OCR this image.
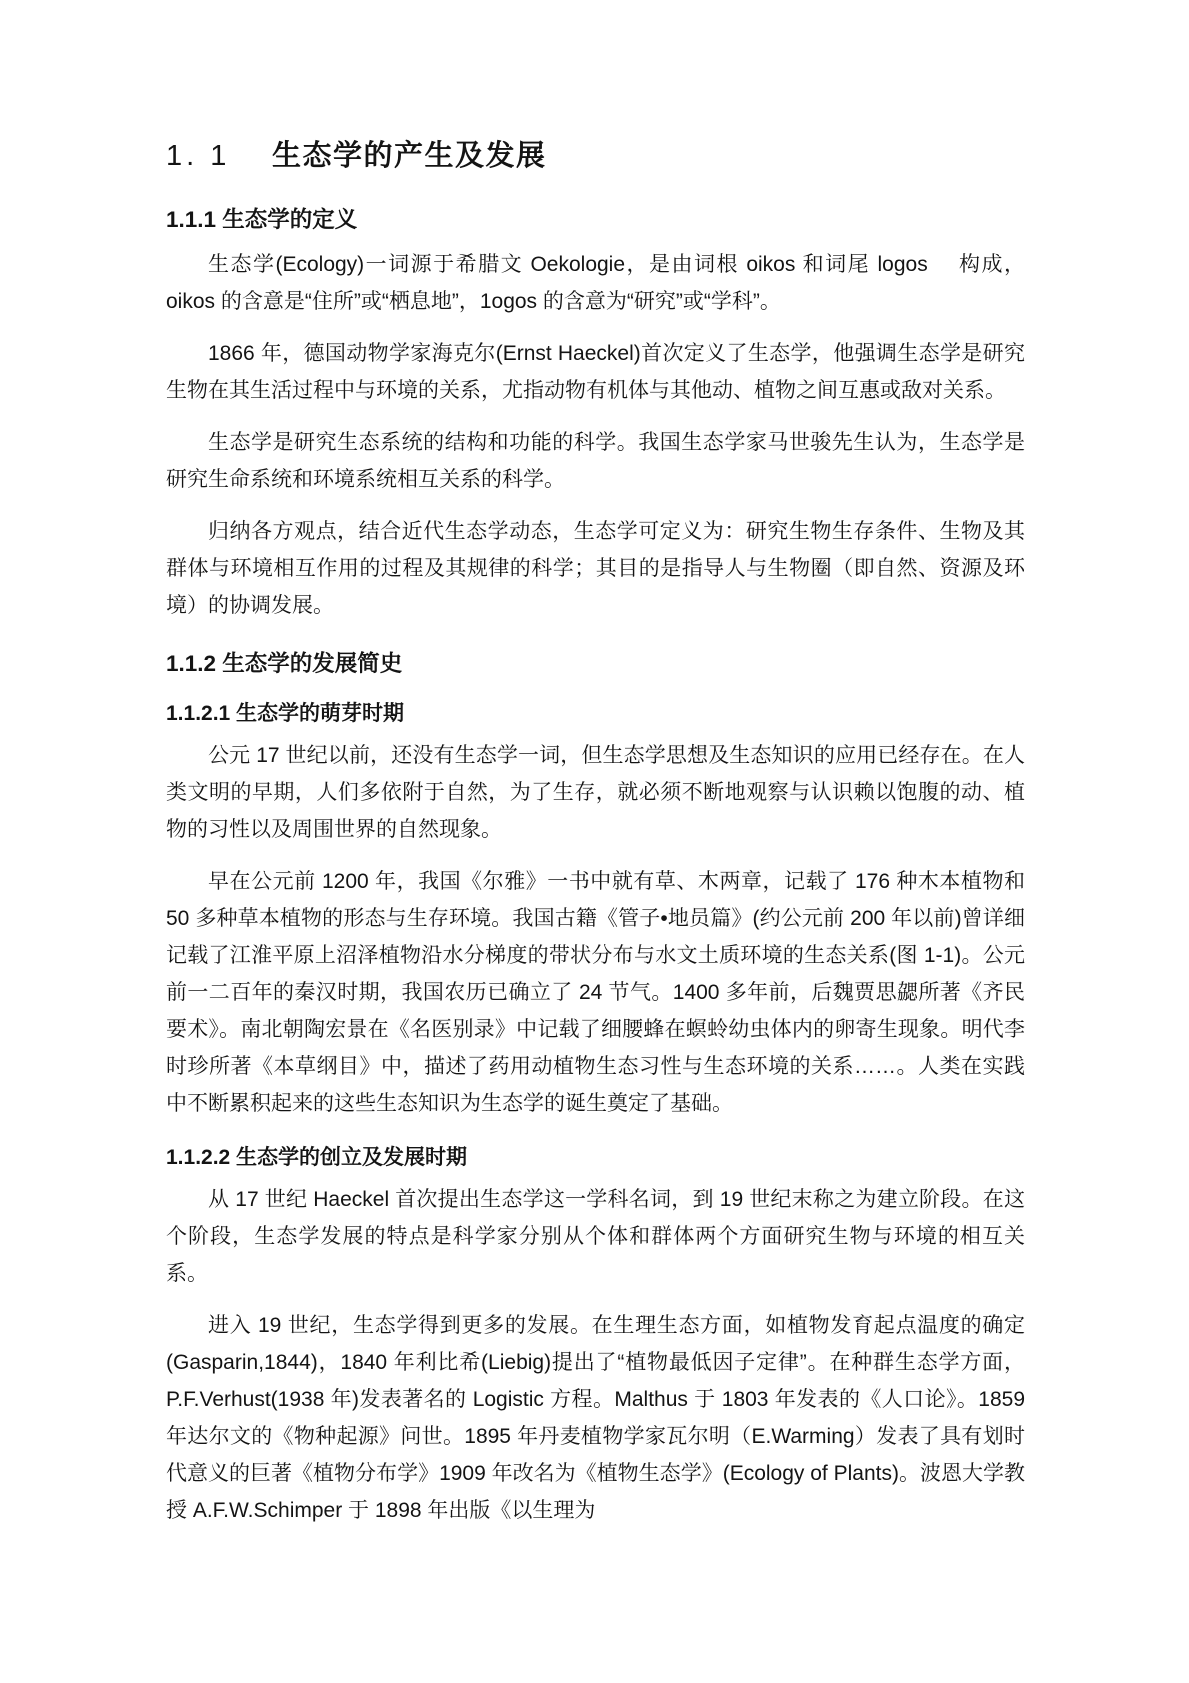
1. 1 生态学的产生及发展
1.1.1 生态学的定义

生态学(Ecology)一词源于希腊文 Oekologie，是由词根 oikos 和词尾 logos　 构成，oikos 的含意是“住所”或“栖息地”，1ogos 的含意为“研究”或“学科”。

1866 年，德国动物学家海克尔(Ernst Haeckel)首次定义了生态学，他强调生态学是研究生物在其生活过程中与环境的关系，尤指动物有机体与其他动、植物之间互惠或敌对关系。

生态学是研究生态系统的结构和功能的科学。我国生态学家马世骏先生认为，生态学是研究生命系统和环境系统相互关系的科学。

归纳各方观点，结合近代生态学动态，生态学可定义为：研究生物生存条件、生物及其群体与环境相互作用的过程及其规律的科学；其目的是指导人与生物圈（即自然、资源及环境）的协调发展。

1.1.2 生态学的发展简史
1.1.2.1 生态学的萌芽时期

公元 17 世纪以前，还没有生态学一词，但生态学思想及生态知识的应用已经存在。在人类文明的早期，人们多依附于自然，为了生存，就必须不断地观察与认识赖以饱腹的动、植物的习性以及周围世界的自然现象。

早在公元前 1200 年，我国《尔雅》一书中就有草、木两章，记载了 176 种木本植物和 50 多种草本植物的形态与生存环境。我国古籍《管子•地员篇》(约公元前 200 年以前)曾详细记载了江淮平原上沼泽植物沿水分梯度的带状分布与水文土质环境的生态关系(图 1-1)。公元前一二百年的秦汉时期，我国农历已确立了 24 节气。1400 多年前，后魏贾思勰所著《齐民要术》。南北朝陶宏景在《名医别录》中记载了细腰蜂在螟蛉幼虫体内的卵寄生现象。明代李时珍所著《本草纲目》中，描述了药用动植物生态习性与生态环境的关系……。人类在实践中不断累积起来的这些生态知识为生态学的诞生奠定了基础。

1.1.2.2 生态学的创立及发展时期

从 17 世纪 Haeckel 首次提出生态学这一学科名词，到 19 世纪末称之为建立阶段。在这个阶段，生态学发展的特点是科学家分别从个体和群体两个方面研究生物与环境的相互关系。

进入 19 世纪，生态学得到更多的发展。在生理生态方面，如植物发育起点温度的确定(Gasparin,1844)，1840 年利比希(Liebig)提出了“植物最低因子定律”。在种群生态学方面，P.F.Verhust(1938 年)发表著名的 Logistic 方程。Malthus 于 1803 年发表的《人口论》。1859 年达尔文的《物种起源》问世。1895 年丹麦植物学家瓦尔明（E.Warming）发表了具有划时代意义的巨著《植物分布学》1909 年改名为《植物生态学》(Ecology of Plants)。波恩大学教授 A.F.W.Schimper 于 1898 年出版《以生理为
